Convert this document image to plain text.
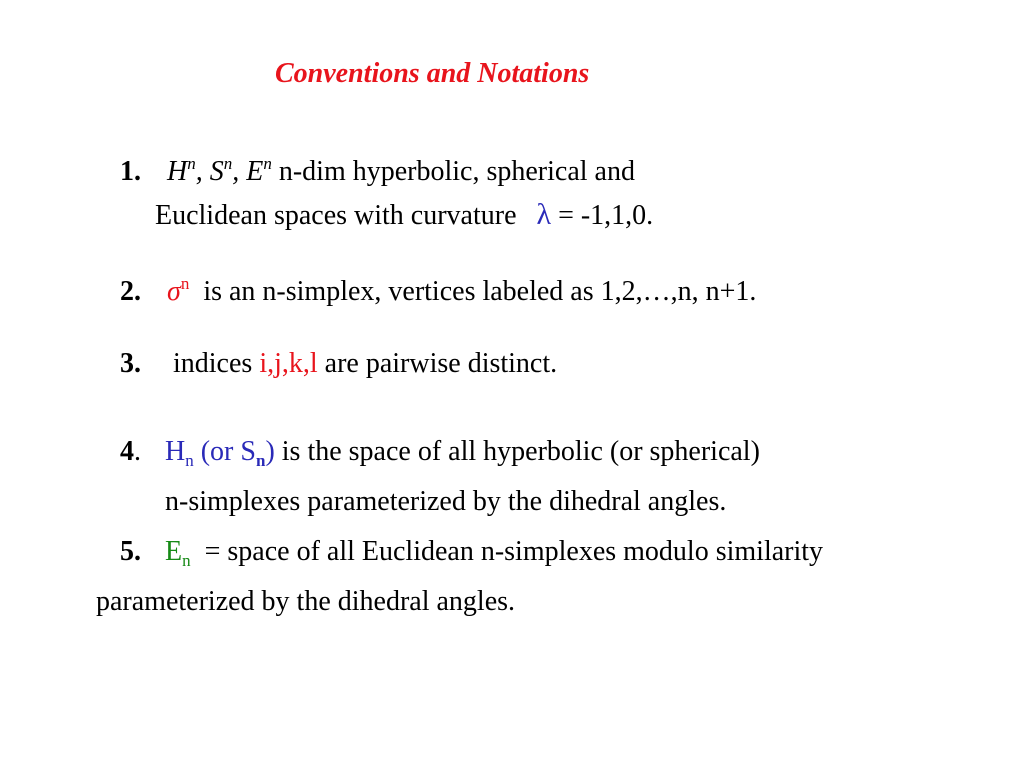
Conventions and Notations
1. $H^n$, $S^n$, $E^n$ n-dim hyperbolic, spherical and
Euclidean spaces with curvature λ = -1,1,0.
2. $\sigma^n$ is an n-simplex, vertices labeled as 1,2,…,n, n+1.
3. indices i,j,k,l are pairwise distinct.
4. $H_n$ (or $S_n$) is the space of all hyperbolic (or spherical)
n-simplexes parameterized by the dihedral angles.
5. $E_n$ = space of all Euclidean n-simplexes modulo similarity
parameterized by the dihedral angles.
